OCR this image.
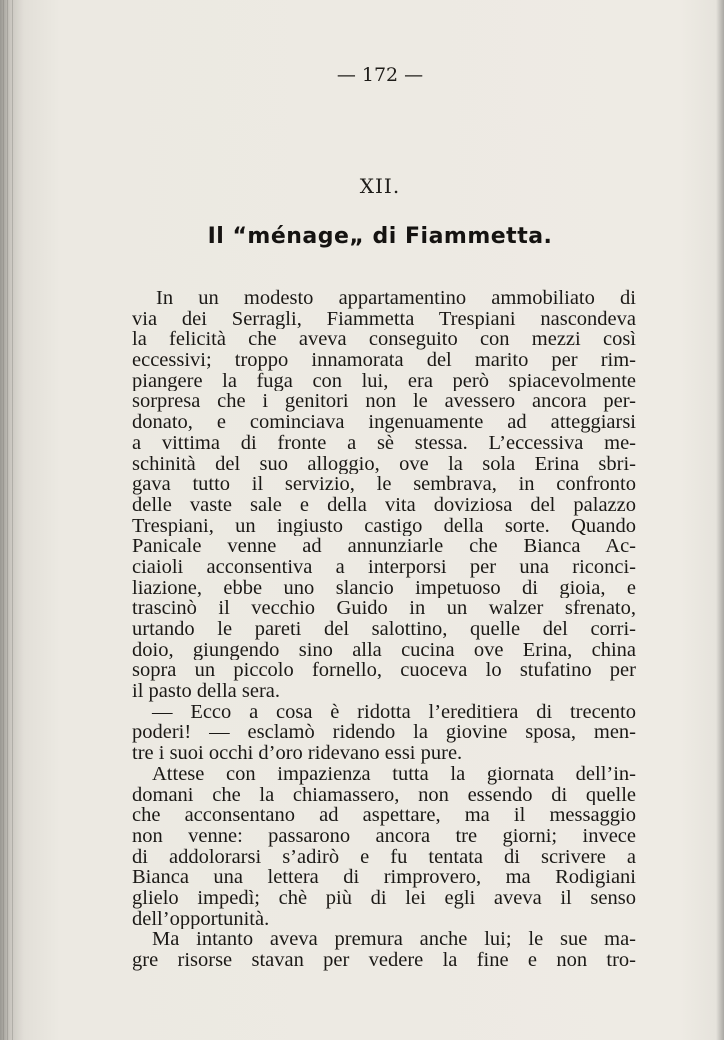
— 172 —
XII.
Il “ménage„ di Fiammetta.
In un modesto appartamentino ammobiliato di
via dei Serragli, Fiammetta Trespiani nascondeva
la felicità che aveva conseguito con mezzi così
eccessivi; troppo innamorata del marito per rim-
piangere la fuga con lui, era però spiacevolmente
sorpresa che i genitori non le avessero ancora per-
donato, e cominciava ingenuamente ad atteggiarsi
a vittima di fronte a sè stessa. L’eccessiva me-
schinità del suo alloggio, ove la sola Erina sbri-
gava tutto il servizio, le sembrava, in confronto
delle vaste sale e della vita doviziosa del palazzo
Trespiani, un ingiusto castigo della sorte. Quando
Panicale venne ad annunziarle che Bianca Ac-
ciaioli acconsentiva a interporsi per una riconci-
liazione, ebbe uno slancio impetuoso di gioia, e
trascinò il vecchio Guido in un walzer sfrenato,
urtando le pareti del salottino, quelle del corri-
doio, giungendo sino alla cucina ove Erina, china
sopra un piccolo fornello, cuoceva lo stufatino per
il pasto della sera.
— Ecco a cosa è ridotta l’ereditiera di trecento
poderi! — esclamò ridendo la giovine sposa, men-
tre i suoi occhi d’oro ridevano essi pure.
Attese con impazienza tutta la giornata dell’in-
domani che la chiamassero, non essendo di quelle
che acconsentano ad aspettare, ma il messaggio
non venne: passarono ancora tre giorni; invece
di addolorarsi s’adirò e fu tentata di scrivere a
Bianca una lettera di rimprovero, ma Rodigiani
glielo impedì; chè più di lei egli aveva il senso
dell’opportunità.
Ma intanto aveva premura anche lui; le sue ma-
gre risorse stavan per vedere la fine e non tro-
